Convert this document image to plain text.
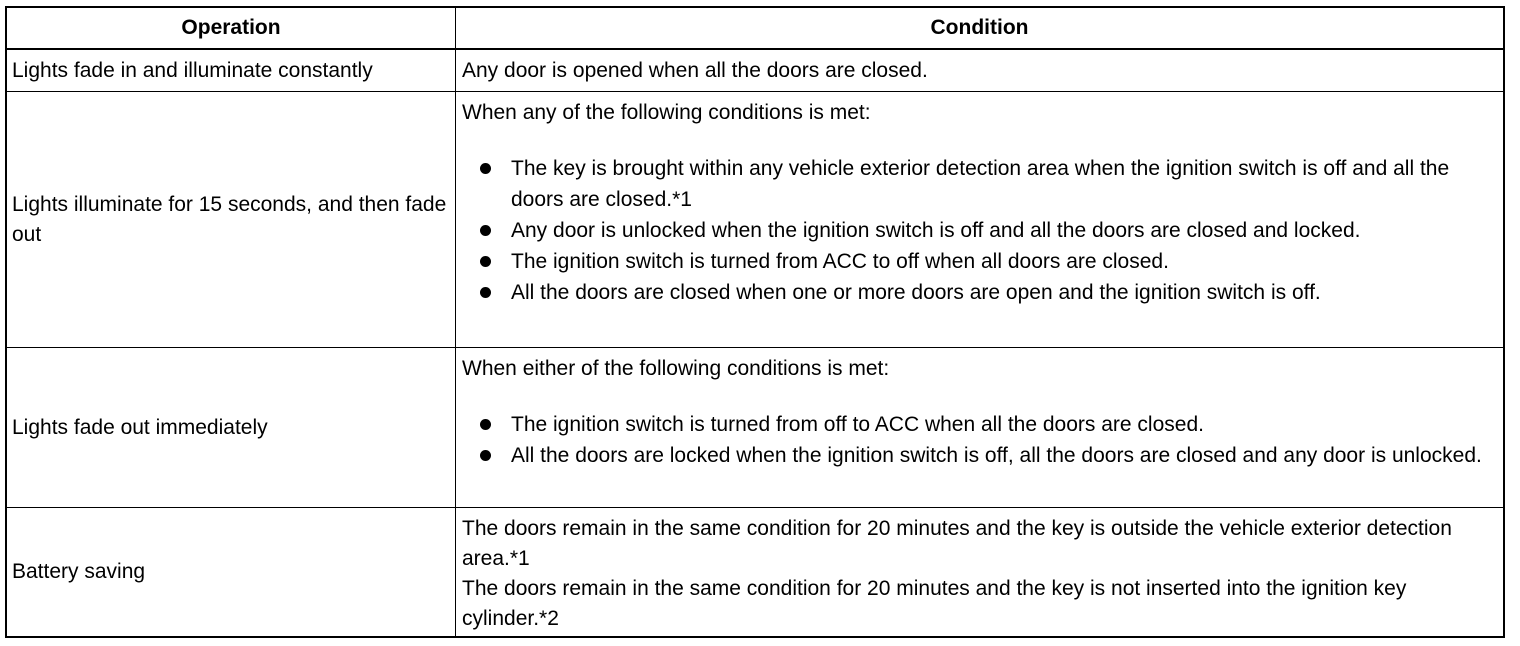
Operation	Condition
Lights fade in and illuminate constantly	Any door is opened when all the doors are closed.
Lights illuminate for 15 seconds, and then fade out

When any of the following conditions is met:

The key is brought within any vehicle exterior detection area when the ignition switch is off and all the doors are closed.*1
Any door is unlocked when the ignition switch is off and all the doors are closed and locked.
The ignition switch is turned from ACC to off when all doors are closed.
All the doors are closed when one or more doors are open and the ignition switch is off.
Lights fade out immediately

When either of the following conditions is met:

The ignition switch is turned from off to ACC when all the doors are closed.
All the doors are locked when the ignition switch is off, all the doors are closed and any door is unlocked.
Battery saving

The doors remain in the same condition for 20 minutes and the key is outside the vehicle exterior detection area.*1

The doors remain in the same condition for 20 minutes and the key is not inserted into the ignition key cylinder.*2
